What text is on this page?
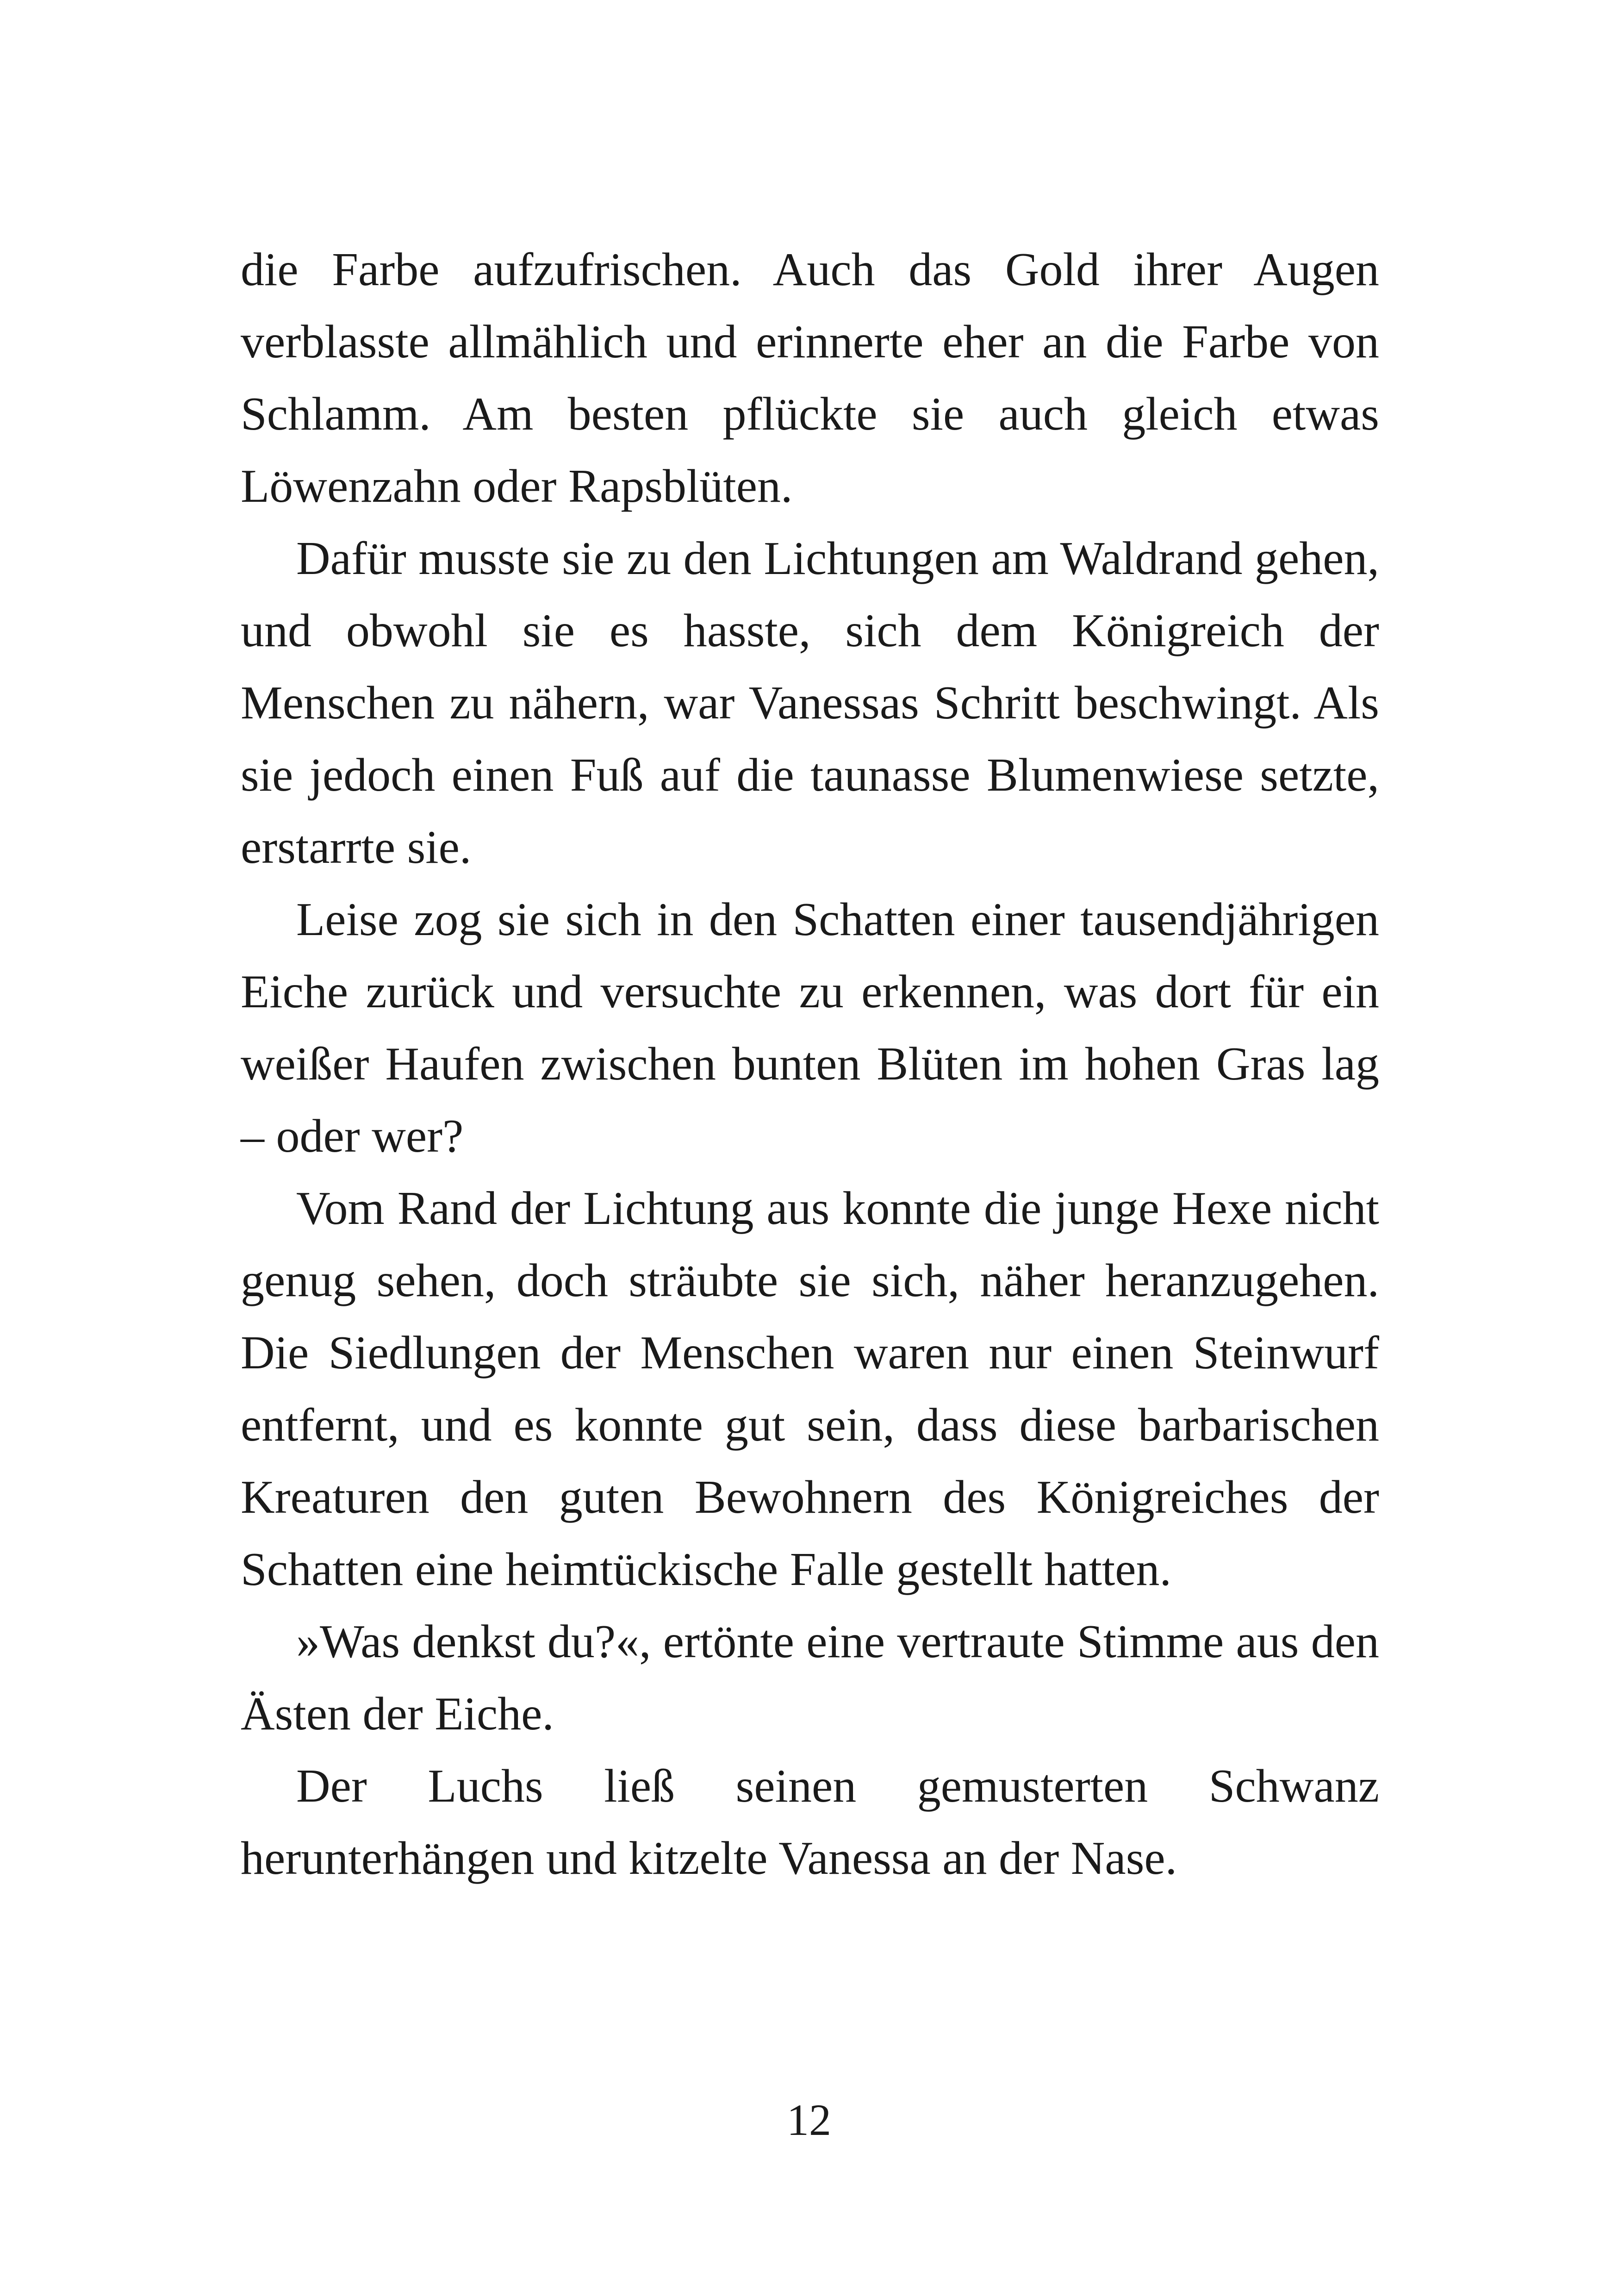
die Farbe aufzufrischen. Auch das Gold ihrer Augen verblasste allmählich und erinnerte eher an die Farbe von Schlamm. Am besten pflückte sie auch gleich etwas Löwenzahn oder Rapsblüten.

Dafür musste sie zu den Lichtungen am Waldrand gehen, und obwohl sie es hasste, sich dem Königreich der Menschen zu nähern, war Vanessas Schritt beschwingt. Als sie jedoch einen Fuß auf die taunasse Blumenwiese setzte, erstarrte sie.

Leise zog sie sich in den Schatten einer tausendjährigen Eiche zurück und versuchte zu erkennen, was dort für ein weißer Haufen zwischen bunten Blüten im hohen Gras lag – oder wer?

Vom Rand der Lichtung aus konnte die junge Hexe nicht genug sehen, doch sträubte sie sich, näher heranzugehen. Die Siedlungen der Menschen waren nur einen Steinwurf entfernt, und es konnte gut sein, dass diese barbarischen Kreaturen den guten Bewohnern des Königreiches der Schatten eine heimtückische Falle gestellt hatten.

»Was denkst du?«, ertönte eine vertraute Stimme aus den Ästen der Eiche.

Der Luchs ließ seinen gemusterten Schwanz herunterhängen und kitzelte Vanessa an der Nase.

12
